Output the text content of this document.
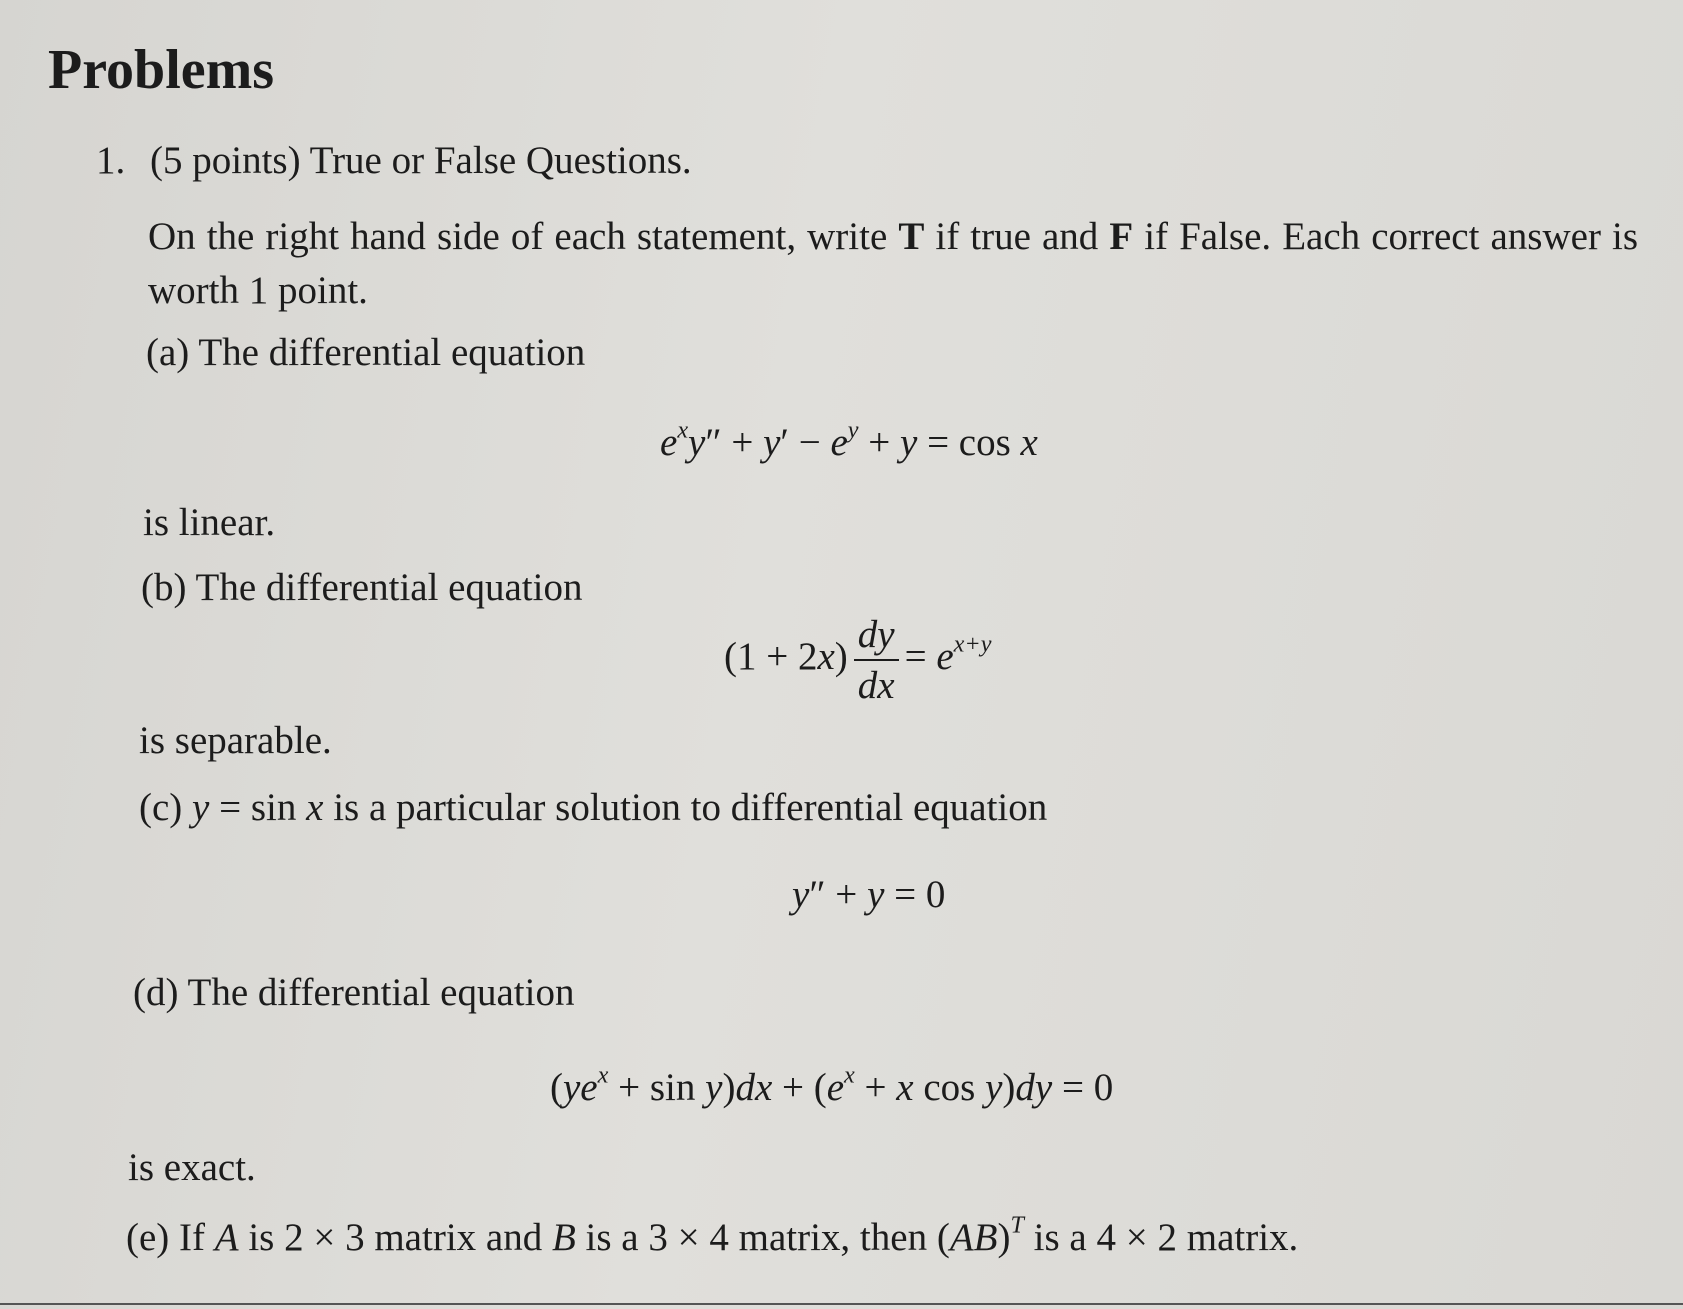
Problems
1. (5 points) True or False Questions.
On the right hand side of each statement, write T if true and F if False. Each correct answer is worth 1 point.
(a) The differential equation
$e^xy'' + y' - e^y + y = \cos x$
is linear.
(b) The differential equation
$(1 + 2x) \frac{dy}{dx} = e^{x+y}$
is separable.
(c) y = sin x is a particular solution to differential equation
y″ + y = 0
(d) The differential equation
$(ye^x + \sin y)dx + (e^x + x$ cos y)dy = 0
is exact.
(e) If A is 2 × 3 matrix and B is a 3 × 4 matrix, then (AB)$^T$ is a 4 × 2 matrix.
